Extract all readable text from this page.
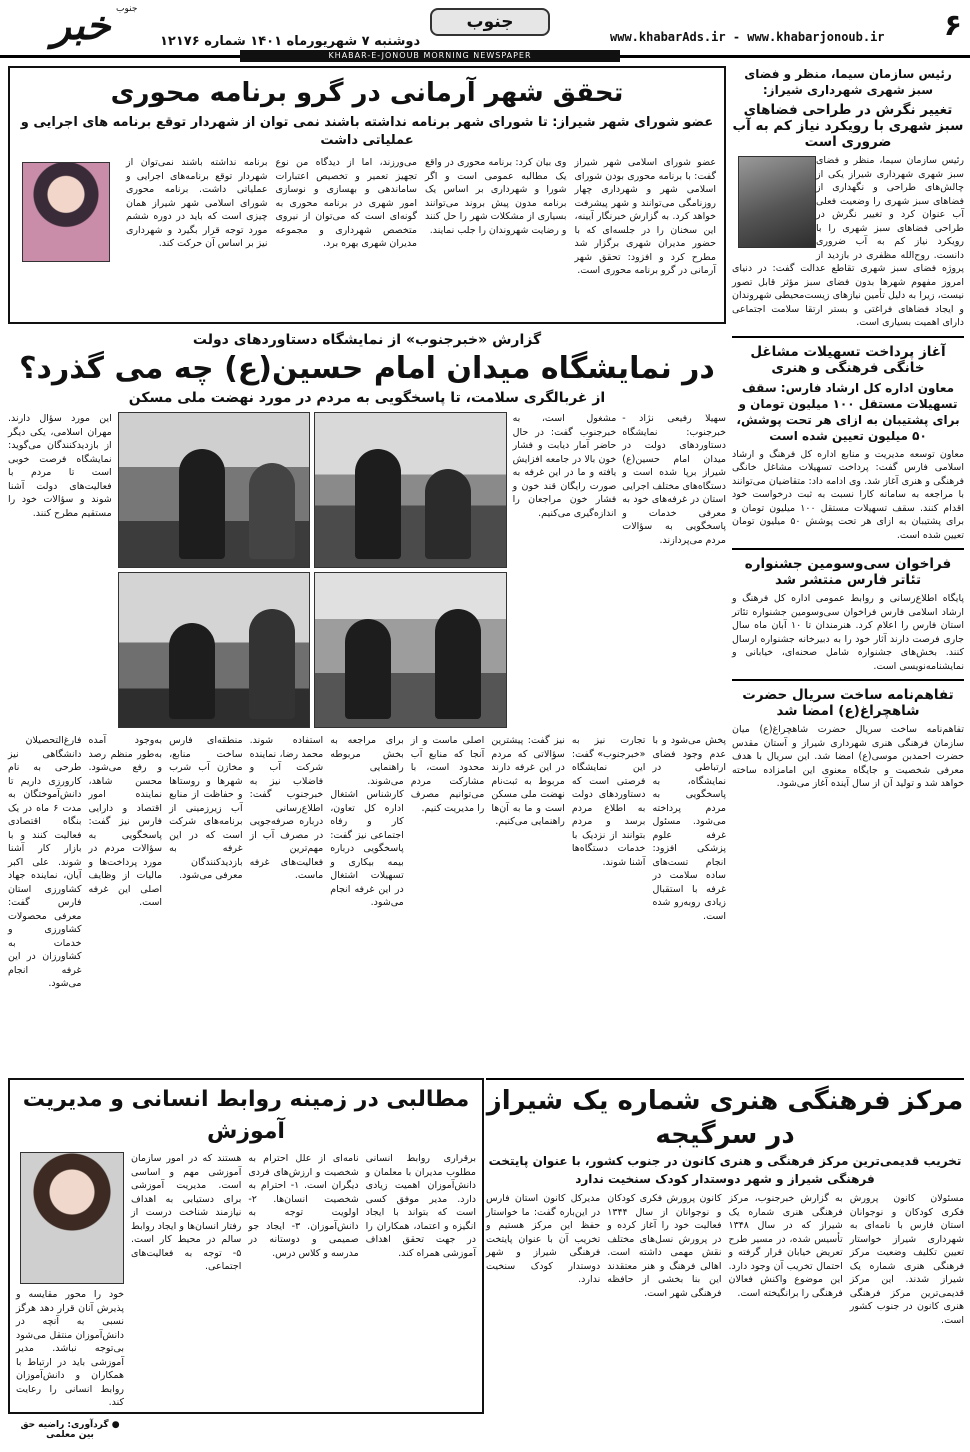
خبر جنوب
دوشنبه ۷ شهریورماه ۱۴۰۱ شماره ۱۲۱۷۶
جنوب
www.khabarAds.ir - www.khabarjonoub.ir ۶
KHABAR-E-JONOUB MORNING NEWSPAPER
رئیس سازمان سیما، منظر و فضای سبز شهری شهرداری شیراز:
تغییر نگرش در طراحی فضاهای سبز شهری با رویکرد نیاز کم به آب ضروری است

رئیس سازمان سیما، منظر و فضای سبز شهری شهرداری شیراز یکی از چالش‌های طراحی و نگهداری از فضاهای سبز شهری را وضعیت فعلی آب عنوان کرد و تغییر نگرش در طراحی فضاهای سبز شهری را با رویکرد نیاز کم به آب ضروری دانست. روح‌الله مظفری در بازدید از پروژه فضای سبز شهری تقاطع عدالت گفت: در دنیای امروز مفهوم شهرها بدون فضای سبز مؤثر قابل تصور نیست، زیرا به دلیل تأمین نیازهای زیست‌محیطی شهروندان و ایجاد فضاهای فراغتی و بستر ارتقا سلامت اجتماعی دارای اهمیت بسیاری است.

آغاز پرداخت تسهیلات مشاغل خانگی فرهنگی و هنری
معاون اداره کل ارشاد فارس: سقف تسهیلات مستقل ۱۰۰ میلیون تومان و برای پشتیبان به ازای هر تحت پوشش، ۵۰ میلیون تعیین شده است

معاون توسعه مدیریت و منابع اداره کل فرهنگ و ارشاد اسلامی فارس گفت: پرداخت تسهیلات مشاغل خانگی فرهنگی و هنری آغاز شد. وی ادامه داد: متقاضیان می‌توانند با مراجعه به سامانه کارا نسبت به ثبت درخواست خود اقدام کنند. سقف تسهیلات مستقل ۱۰۰ میلیون تومان و برای پشتیبان به ازای هر تحت پوشش ۵۰ میلیون تومان تعیین شده است.

فراخوان سی‌وسومین جشنواره تئاتر فارس منتشر شد

پایگاه اطلاع‌رسانی و روابط عمومی اداره کل فرهنگ و ارشاد اسلامی فارس فراخوان سی‌وسومین جشنواره تئاتر استان فارس را اعلام کرد. هنرمندان تا ۱۰ آبان ماه سال جاری فرصت دارند آثار خود را به دبیرخانه جشنواره ارسال کنند. بخش‌های جشنواره شامل صحنه‌ای، خیابانی و نمایشنامه‌نویسی است.

تفاهم‌نامه ساخت سریال حضرت شاهچراغ(ع) امضا شد

تفاهم‌نامه ساخت سریال حضرت شاهچراغ(ع) میان سازمان فرهنگی هنری شهرداری شیراز و آستان مقدس حضرت احمدبن موسی(ع) امضا شد. این سریال با هدف معرفی شخصیت و جایگاه معنوی این امامزاده ساخته خواهد شد و تولید آن از سال آینده آغاز می‌شود.

تحقق شهر آرمانی در گرو برنامه محوری
عضو شورای شهر شیراز: تا شورای شهر برنامه نداشته باشند نمی توان از شهردار توقع برنامه های اجرایی و عملیاتی داشت
عضو شورای اسلامی شهر شیراز گفت: با برنامه محوری بودن شورای اسلامی شهر و شهرداری چهار روزنامگی می‌توانند و شهر پیشرفت خواهد کرد. به گزارش خبرنگار آیینه، این سخنان را در جلسه‌ای که با حضور مدیران شهری برگزار شد مطرح کرد و افزود: تحقق شهر آرمانی در گرو برنامه محوری است.
وی بیان کرد: برنامه محوری در واقع یک مطالبه عمومی است و اگر شورا و شهرداری بر اساس یک برنامه مدون پیش بروند می‌توانند بسیاری از مشکلات شهر را حل کنند و رضایت شهروندان را جلب نمایند.
می‌ورزند، اما از دیدگاه من نوع تجهیز تعمیر و تخصیص اعتبارات ساماندهی و بهسازی و نوسازی امور شهری در برنامه محوری به گونه‌ای است که می‌توان از نیروی متخصص شهرداری و مجموعه مدیران شهری بهره برد.
برنامه نداشته باشند نمی‌توان از شهردار توقع برنامه‌های اجرایی و عملیاتی داشت. برنامه محوری شورای اسلامی شهر شیراز همان چیزی است که باید در دوره ششم مورد توجه قرار بگیرد و شهرداری نیز بر اساس آن حرکت کند.
گزارش «خبرجنوب» از نمایشگاه دستاوردهای دولت
در نمایشگاه میدان امام حسین(ع) چه می گذرد؟
از غربالگری سلامت، تا پاسخگویی به مردم در مورد نهضت ملی مسکن
سهیلا رفیعی نژاد - خبرجنوب: نمایشگاه دستاوردهای دولت در میدان امام حسین(ع) شیراز برپا شده است و دستگاه‌های مختلف اجرایی استان در غرفه‌های خود به معرفی خدمات و پاسخگویی به سؤالات مردم می‌پردازند.
مشغول است، به خبرجنوب گفت: در حال حاضر آمار دیابت و فشار خون بالا در جامعه افزایش یافته و ما در این غرفه به صورت رایگان قند خون و فشار خون مراجعان را اندازه‌گیری می‌کنیم.
این مورد سؤال دارند. مهران اسلامی، یکی دیگر از بازدیدکنندگان می‌گوید: نمایشگاه فرصت خوبی است تا مردم با فعالیت‌های دولت آشنا شوند و سؤالات خود را مستقیم مطرح کنند.
پخش می‌شود و با عدم وجود فضای ارتباطی در نمایشگاه، به پاسخگویی به مردم پرداخته می‌شود. مسئول غرفه علوم پزشکی افزود: انجام تست‌های ساده سلامت در غرفه با استقبال زیادی روبه‌رو شده است.
تجارت نیز به «خبرجنوب» گفت: این نمایشگاه فرصتی است که دستاوردهای دولت به اطلاع مردم برسد و مردم بتوانند از نزدیک با خدمات دستگاه‌ها آشنا شوند.
نیز گفت: پیشترین سؤالاتی که مردم در این غرفه دارند مربوط به ثبت‌نام نهضت ملی مسکن است و ما به آن‌ها راهنمایی می‌کنیم.
اصلی ماست و از آنجا که منابع آب محدود است، با مشارکت مردم می‌توانیم مصرف را مدیریت کنیم.
برای مراجعه به بخش مربوطه راهنمایی می‌شوند. کارشناس اشتغال اداره کل تعاون، کار و رفاه اجتماعی نیز گفت: پاسخگویی درباره بیمه بیکاری و تسهیلات اشتغال در این غرفه انجام می‌شود.
استفاده شوند. محمد رضا، نماینده شرکت آب و فاضلاب نیز به خبرجنوب گفت: اطلاع‌رسانی درباره صرفه‌جویی در مصرف آب از مهم‌ترین فعالیت‌های غرفه ماست.
منطقه‌ای فارس ساخت منابع، مخازن آب شرب شهرها و روستاها و حفاظت از منابع آب زیرزمینی از برنامه‌های شرکت است که در این غرفه به بازدیدکنندگان معرفی می‌شود.
به‌وجود آمده به‌طور منظم رصد و رفع می‌شود. محسن شاهد، نماینده امور اقتصاد و دارایی فارس نیز گفت: پاسخگویی به سؤالات مردم در مورد پرداخت‌ها و مالیات از وظایف اصلی این غرفه است.
فارغ‌التحصیلان دانشگاهی نیز طرحی به نام کارورزی داریم تا دانش‌آموختگان به مدت ۶ ماه در یک بنگاه اقتصادی فعالیت کنند و با بازار کار آشنا شوند. علی اکبر آیان، نماینده جهاد کشاورزی استان فارس گفت: معرفی محصولات کشاورزی و خدمات به کشاورزان در این غرفه انجام می‌شود.
مرکز فرهنگی هنری شماره یک شیراز در سرگیجه
تخریب قدیمی‌ترین مرکز فرهنگی و هنری کانون در جنوب کشور، با عنوان پایتخت فرهنگی شیراز و شهر دوستدار کودک سنخیت ندارد
مسئولان کانون پرورش فکری کودکان و نوجوانان استان فارس با نامه‌ای به شهرداری شیراز خواستار تعیین تکلیف وضعیت مرکز فرهنگی هنری شماره یک شیراز شدند. این مرکز قدیمی‌ترین مرکز فرهنگی هنری کانون در جنوب کشور است.
به گزارش خبرجنوب، مرکز فرهنگی هنری شماره یک شیراز که در سال ۱۳۴۸ تأسیس شده، در مسیر طرح تعریض خیابان قرار گرفته و احتمال تخریب آن وجود دارد. این موضوع واکنش فعالان فرهنگی را برانگیخته است.
کانون پرورش فکری کودکان و نوجوانان از سال ۱۳۴۴ فعالیت خود را آغاز کرده و در پرورش نسل‌های مختلف نقش مهمی داشته است. اهالی فرهنگ و هنر معتقدند این بنا بخشی از حافظه فرهنگی شهر است.
مدیرکل کانون استان فارس در این‌باره گفت: ما خواستار حفظ این مرکز هستیم و تخریب آن با عنوان پایتخت فرهنگی شیراز و شهر دوستدار کودک سنخیت ندارد.
مطالبی در زمینه روابط انسانی و مدیریت آموزش
برقراری روابط انسانی مطلوب مدیران با معلمان و دانش‌آموزان اهمیت زیادی دارد. مدیر موفق کسی است که بتواند با ایجاد انگیزه و اعتماد، همکاران را در جهت تحقق اهداف آموزشی همراه کند.
نامه‌ای از علل احترام به شخصیت و ارزش‌های فردی دیگران است. ۱- احترام به شخصیت انسان‌ها. ۲- اولویت توجه به دانش‌آموزان. ۳- ایجاد جو صمیمی و دوستانه در مدرسه و کلاس درس.
هستند که در امور سازمان آموزشی مهم و اساسی است. مدیریت آموزشی برای دستیابی به اهداف نیازمند شناخت درست از رفتار انسان‌ها و ایجاد روابط سالم در محیط کار است. ۵- توجه به فعالیت‌های اجتماعی.
خود را محور مقایسه و پذیرش آنان قرار دهد هرگز نسبی به آنچه در دانش‌آموزان منتقل می‌شود بی‌توجه نباشد. مدیر آموزشی باید در ارتباط با همکاران و دانش‌آموزان روابط انسانی را رعایت کند.
● گردآوری: راضیه حق بین معلمی
